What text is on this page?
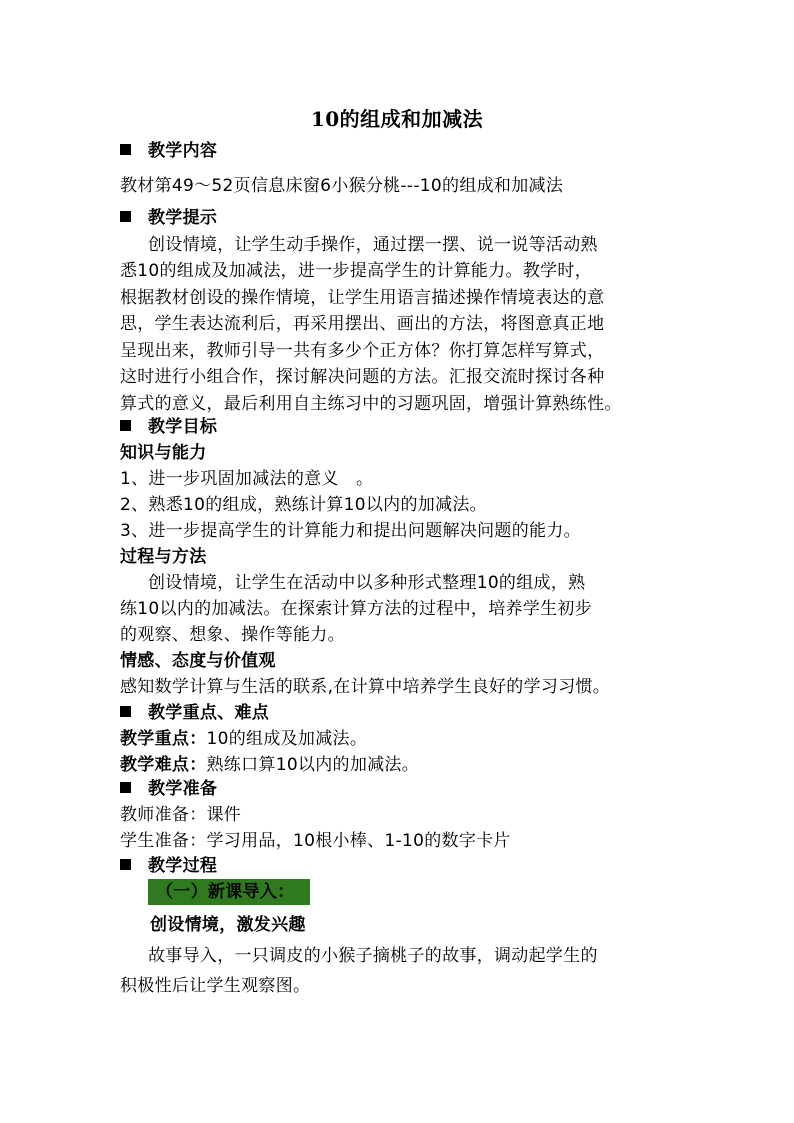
10的组成和加减法
教学内容
教材第49～52页信息床窗6小猴分桃---10的组成和加减法
教学提示
创设情境，让学生动手操作，通过摆一摆、说一说等活动熟
悉10的组成及加减法，进一步提高学生的计算能力。教学时，
根据教材创设的操作情境，让学生用语言描述操作情境表达的意
思，学生表达流利后，再采用摆出、画出的方法，将图意真正地
呈现出来，教师引导一共有多少个正方体？你打算怎样写算式，
这时进行小组合作，探讨解决问题的方法。汇报交流时探讨各种
算式的意义，最后利用自主练习中的习题巩固，增强计算熟练性。
教学目标
知识与能力
1、进一步巩固加减法的意义　。
2、熟悉10的组成，熟练计算10以内的加减法。
3、进一步提高学生的计算能力和提出问题解决问题的能力。
过程与方法
创设情境，让学生在活动中以多种形式整理10的组成，熟
练10以内的加减法。在探索计算方法的过程中，培养学生初步
的观察、想象、操作等能力。
情感、态度与价值观
感知数学计算与生活的联系,在计算中培养学生良好的学习习惯。
教学重点、难点
教学重点：10的组成及加减法。
教学难点：熟练口算10以内的加减法。
教学准备
教师准备：课件
学生准备：学习用品，10根小棒、1-10的数字卡片
教学过程
（一）新课导入：
创设情境，激发兴趣
故事导入，一只调皮的小猴子摘桃子的故事，调动起学生的
积极性后让学生观察图。
